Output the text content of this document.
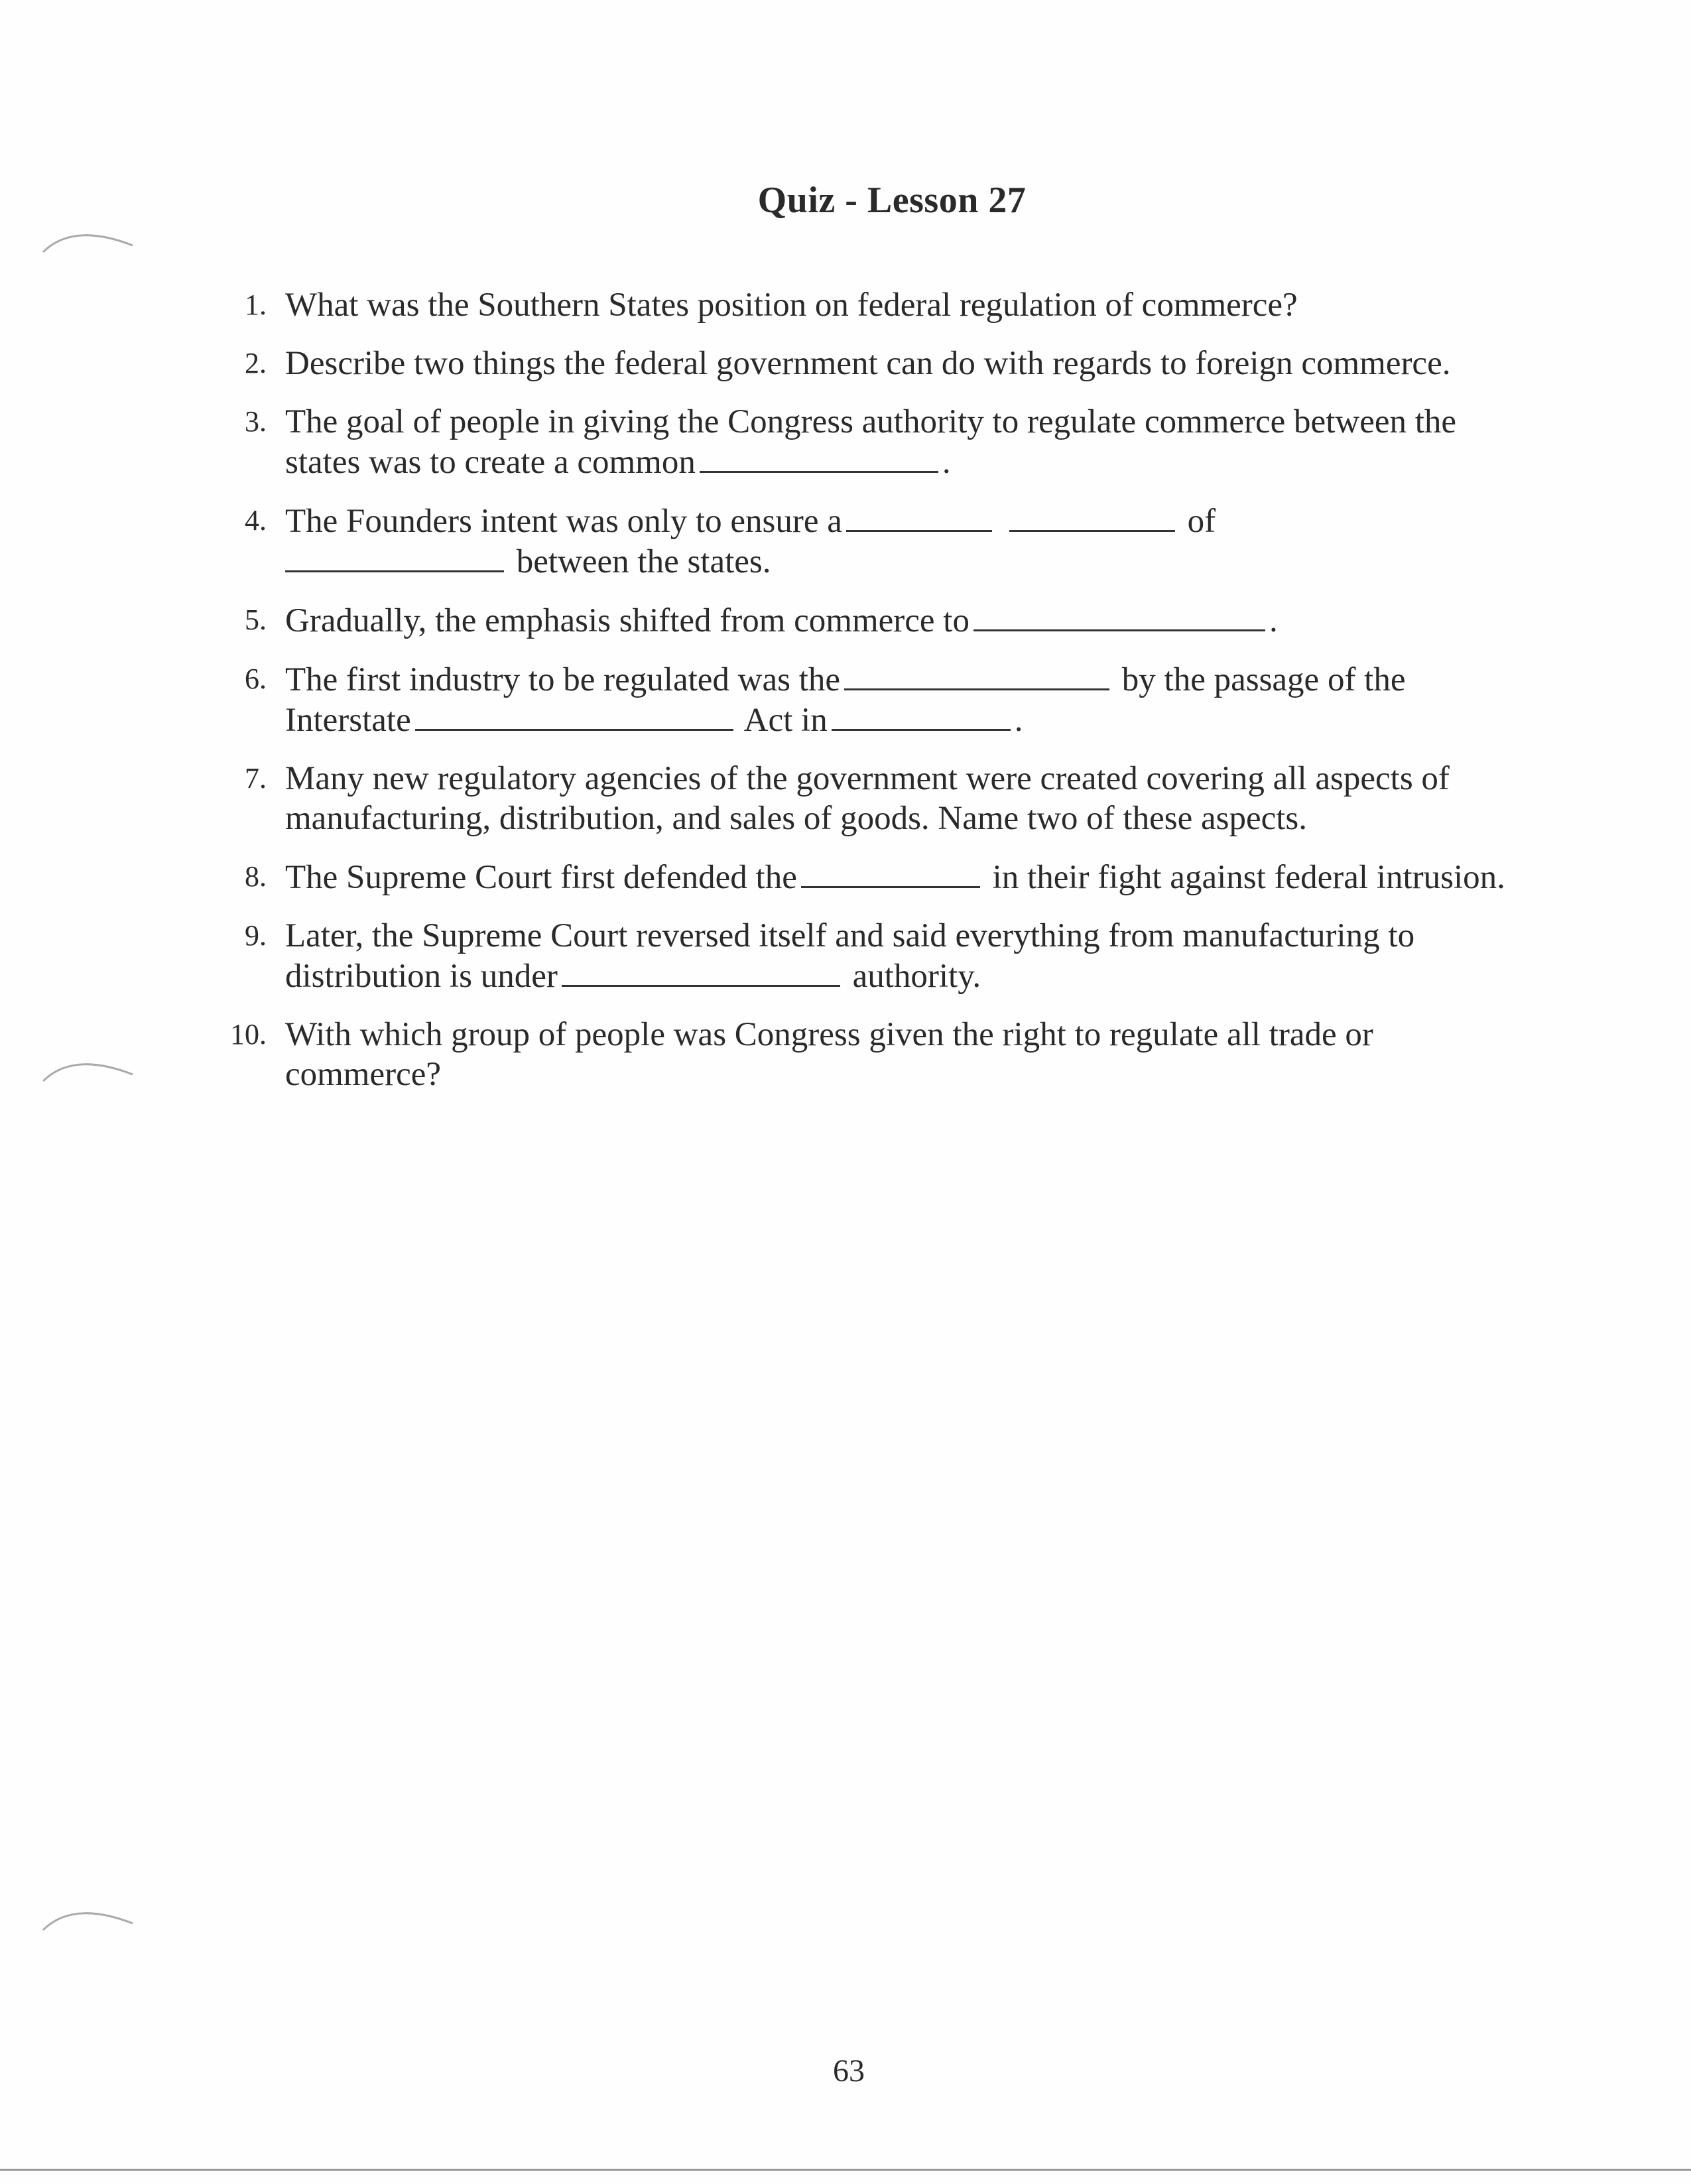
Quiz - Lesson 27
1. What was the Southern States position on federal regulation of commerce?
2. Describe two things the federal government can do with regards to foreign commerce.
3. The goal of people in giving the Congress authority to regulate commerce between the states was to create a common	.
4. The Founders intent was only to ensure a	of
between the states.
5. Gradually, the emphasis shifted from commerce to	.
6. The first industry to be regulated was the	by the passage of the Interstate	Act in	.
7. Many new regulatory agencies of the government were created covering all aspects of manufacturing, distribution, and sales of goods. Name two of these aspects.
8. The Supreme Court first defended the	in their fight against federal intrusion.
9. Later, the Supreme Court reversed itself and said everything from manufacturing to distribution is under	authority.
10. With which group of people was Congress given the right to regulate all trade or commerce?
63
